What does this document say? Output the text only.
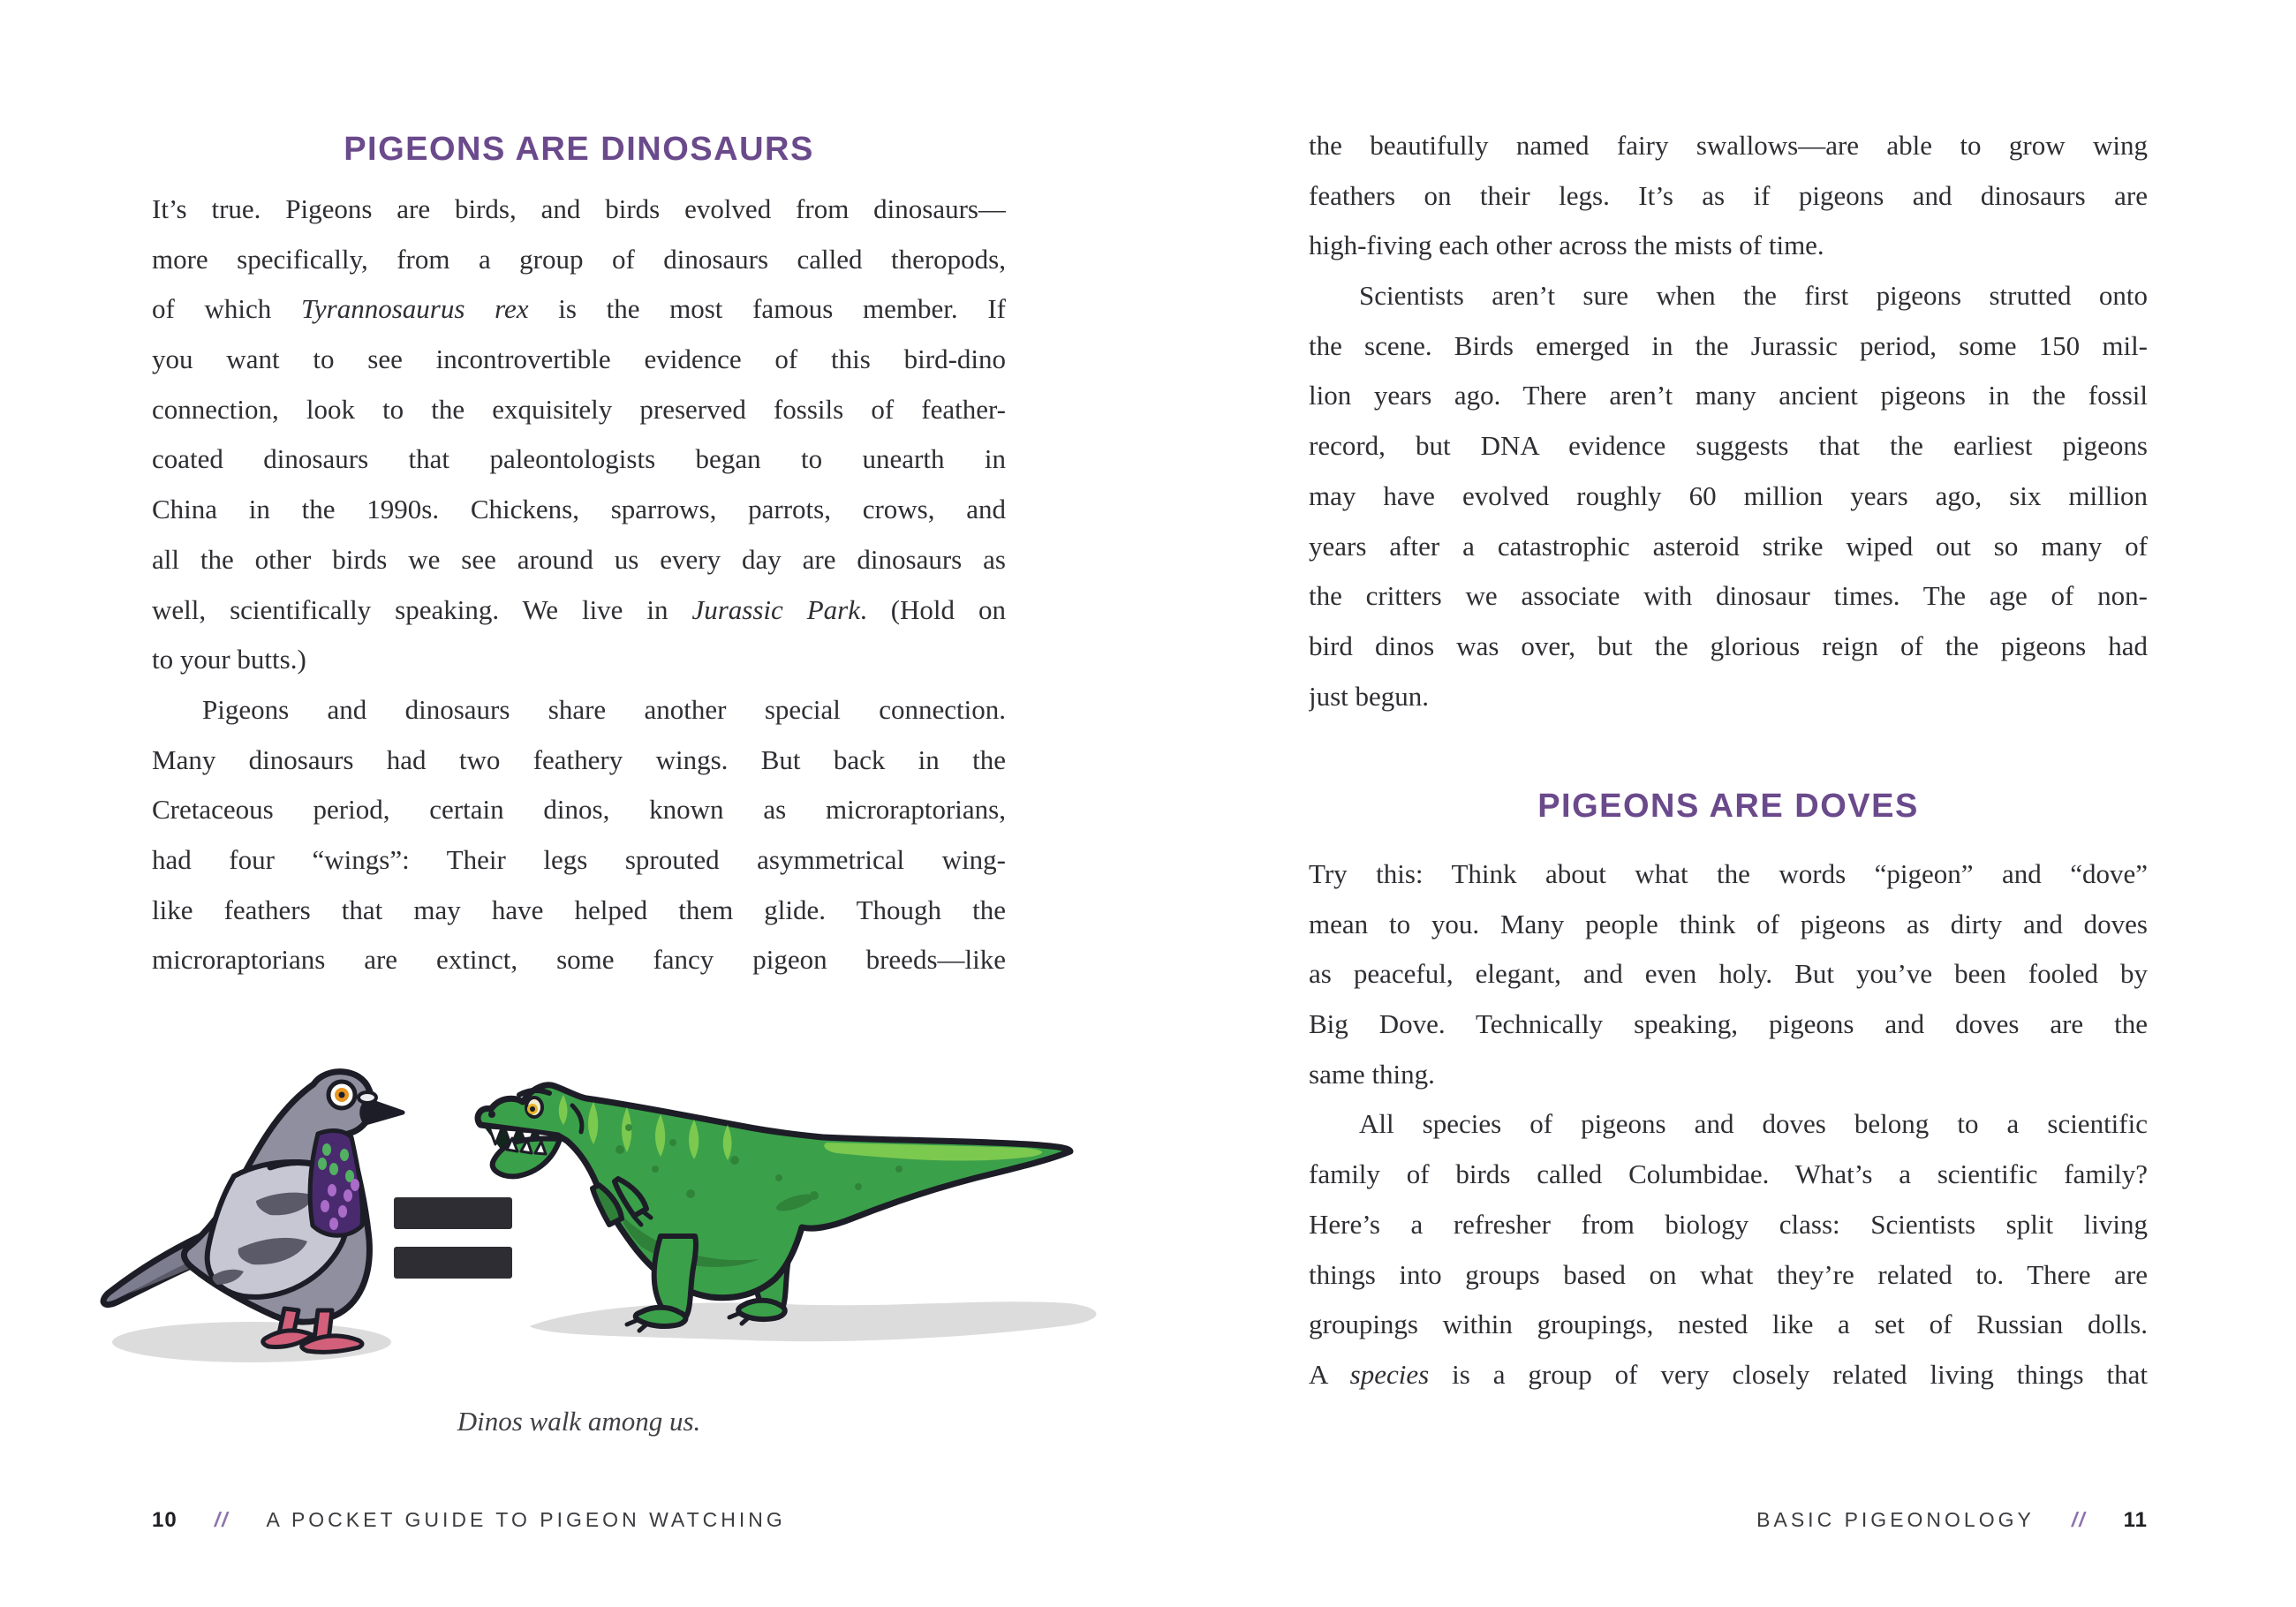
PIGEONS ARE DINOSAURS
It’s true. Pigeons are birds, and birds evolved from dinosaurs—
more specifically, from a group of dinosaurs called theropods,
of which Tyrannosaurus rex is the most famous member. If
you want to see incontrovertible evidence of this bird-dino
connection, look to the exquisitely preserved fossils of feather-
coated dinosaurs that paleontologists began to unearth in
China in the 1990s. Chickens, sparrows, parrots, crows, and
all the other birds we see around us every day are dinosaurs as
well, scientifically speaking. We live in Jurassic Park. (Hold on
to your butts.)
Pigeons and dinosaurs share another special connection.
Many dinosaurs had two feathery wings. But back in the
Cretaceous period, certain dinos, known as microraptorians,
had four “wings”: Their legs sprouted asymmetrical wing-
like feathers that may have helped them glide. Though the
microraptorians are extinct, some fancy pigeon breeds—like
Dinos walk among us.
10 // A POCKET GUIDE TO PIGEON WATCHING
the beautifully named fairy swallows—are able to grow wing
feathers on their legs. It’s as if pigeons and dinosaurs are
high-fiving each other across the mists of time.
Scientists aren’t sure when the first pigeons strutted onto
the scene. Birds emerged in the Jurassic period, some 150 mil-
lion years ago. There aren’t many ancient pigeons in the fossil
record, but DNA evidence suggests that the earliest pigeons
may have evolved roughly 60 million years ago, six million
years after a catastrophic asteroid strike wiped out so many of
the critters we associate with dinosaur times. The age of non-
bird dinos was over, but the glorious reign of the pigeons had
just begun.
PIGEONS ARE DOVES
Try this: Think about what the words “pigeon” and “dove”
mean to you. Many people think of pigeons as dirty and doves
as peaceful, elegant, and even holy. But you’ve been fooled by
Big Dove. Technically speaking, pigeons and doves are the
same thing.
All species of pigeons and doves belong to a scientific
family of birds called Columbidae. What’s a scientific family?
Here’s a refresher from biology class: Scientists split living
things into groups based on what they’re related to. There are
groupings within groupings, nested like a set of Russian dolls.
A species is a group of very closely related living things that
BASIC PIGEONOLOGY // 11
